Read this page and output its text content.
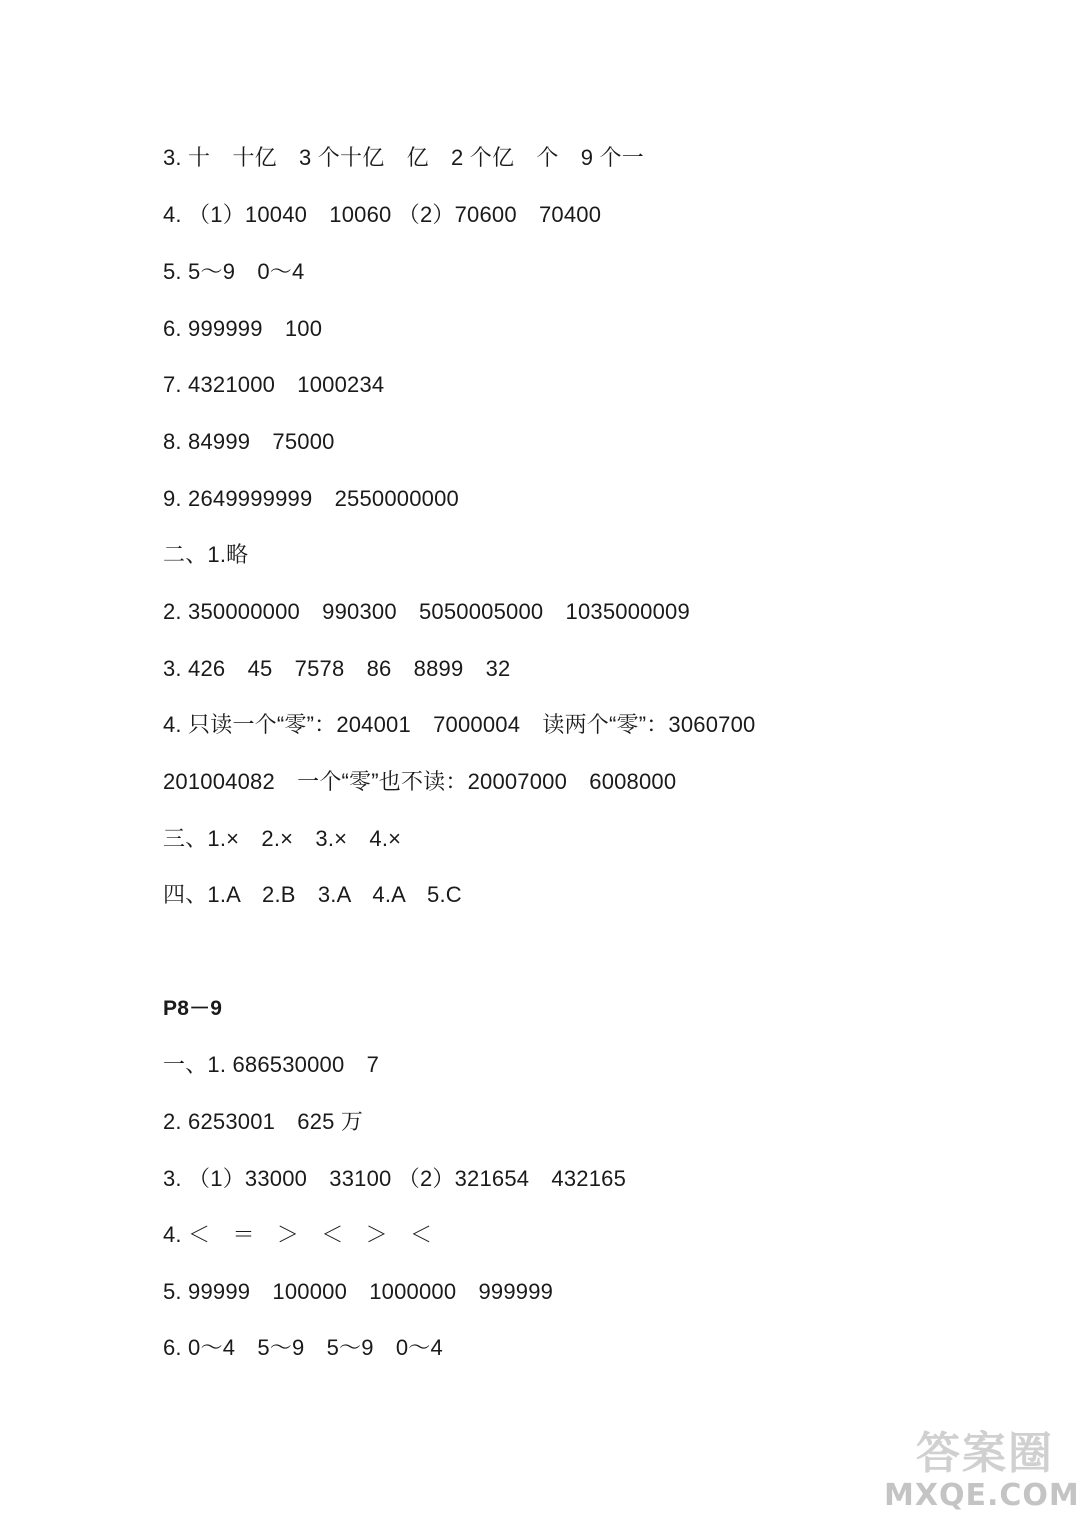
3. 十　十亿　3 个十亿　亿　2 个亿　个　9 个一
4. （1）10040　10060 （2）70600　70400
5. 5～9　0～4
6. 999999　100
7. 4321000　1000234
8. 84999　75000
9. 2649999999　2550000000
二、1.略
2. 350000000　990300　5050005000　1035000009
3. 426　45　7578　86　8899　32
4. 只读一个“零”：204001　7000004　读两个“零”：3060700
201004082　一个“零”也不读：20007000　6008000
三、1.×　2.×　3.×　4.×
四、1.A　2.B　3.A　4.A　5.C
P8－9
一、1. 686530000　7
2. 6253001　625 万
3. （1）33000　33100 （2）321654　432165
4. ＜　＝　＞　＜　＞　＜
5. 99999　100000　1000000　999999
6. 0～4　5～9　5～9　0～4
答案圈
MXQE.COM
